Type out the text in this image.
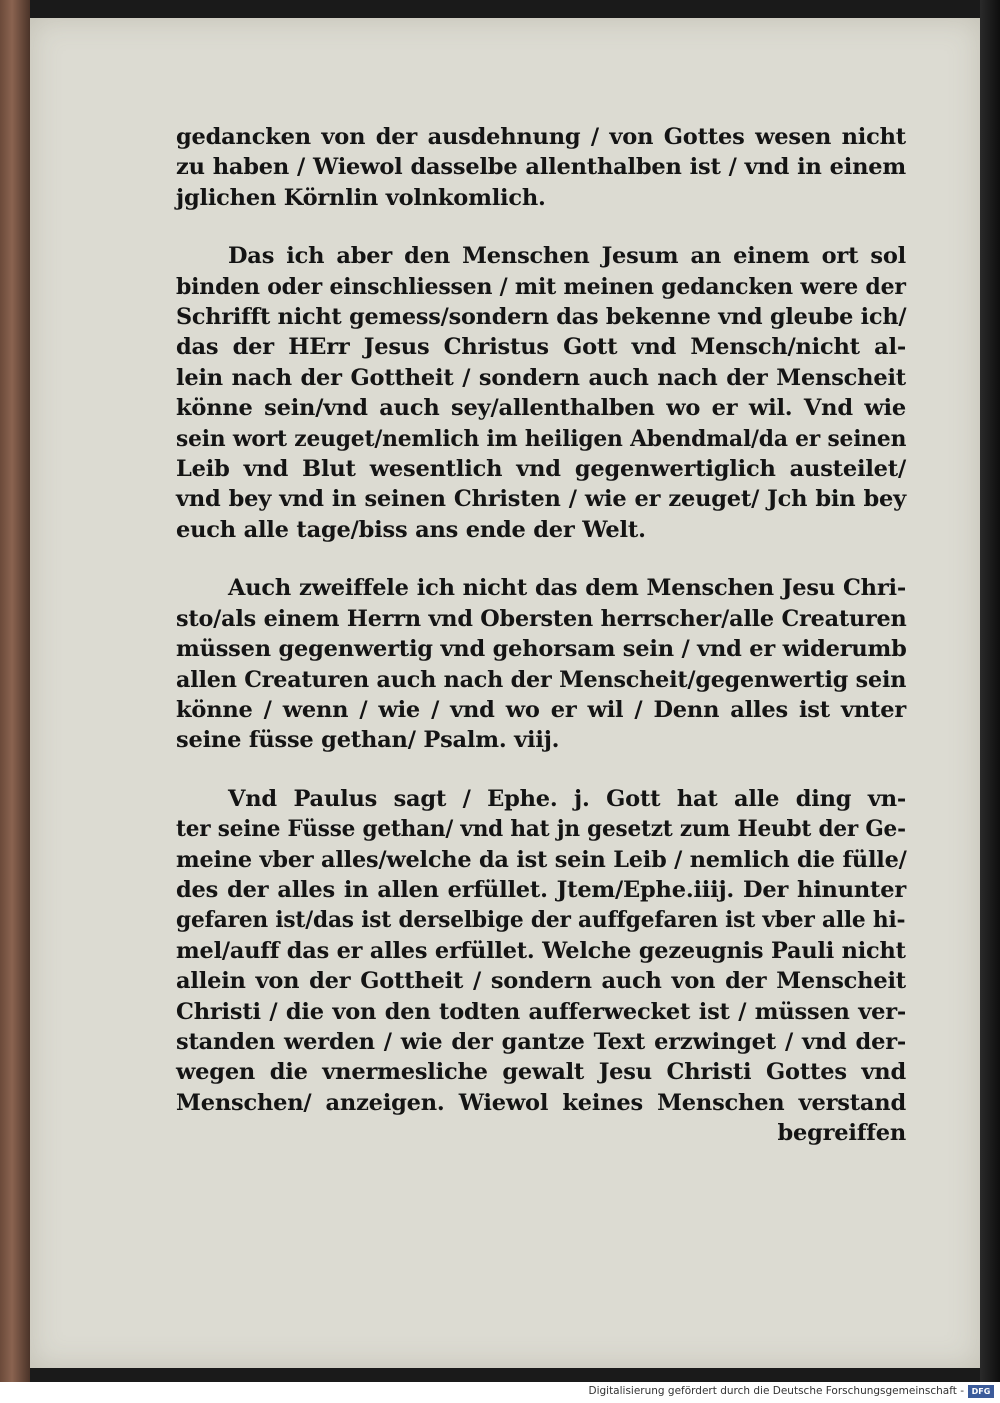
gedancken von der ausdehnung / von Gottes wesen nicht
zu haben / Wiewol dasselbe allenthalben ist / vnd in einem
jglichen Körnlin volnkomlich.
Das ich aber den Menschen Jesum an einem ort sol
binden oder einschliessen / mit meinen gedancken were der
Schrifft nicht gemess/sondern das bekenne vnd gleube ich/
das der HErr Jesus Christus Gott vnd Mensch/nicht al-
lein nach der Gottheit / sondern auch nach der Menscheit
könne sein/vnd auch sey/allenthalben wo er wil. Vnd wie
sein wort zeuget/nemlich im heiligen Abendmal/da er seinen
Leib vnd Blut wesentlich vnd gegenwertiglich austeilet/
vnd bey vnd in seinen Christen / wie er zeuget/ Jch bin bey
euch alle tage/biss ans ende der Welt.
Auch zweiffele ich nicht das dem Menschen Jesu Chri-
sto/als einem Herrn vnd Obersten herrscher/alle Creaturen
müssen gegenwertig vnd gehorsam sein / vnd er widerumb
allen Creaturen auch nach der Menscheit/gegenwertig sein
könne / wenn / wie / vnd wo er wil / Denn alles ist vnter
seine füsse gethan/ Psalm. viij.
Vnd Paulus sagt / Ephe. j. Gott hat alle ding vn-
ter seine Füsse gethan/ vnd hat jn gesetzt zum Heubt der Ge-
meine vber alles/welche da ist sein Leib / nemlich die fülle/
des der alles in allen erfüllet. Jtem/Ephe.iiij. Der hinunter
gefaren ist/das ist derselbige der auffgefaren ist vber alle hi-
mel/auff das er alles erfüllet. Welche gezeugnis Pauli nicht
allein von der Gottheit / sondern auch von der Menscheit
Christi / die von den todten aufferwecket ist / müssen ver-
standen werden / wie der gantze Text erzwinget / vnd der-
wegen die vnermesliche gewalt Jesu Christi Gottes vnd
Menschen/ anzeigen. Wiewol keines Menschen verstand
begreiffen
Digitalisierung gefördert durch die Deutsche Forschungsgemeinschaft - DFG
